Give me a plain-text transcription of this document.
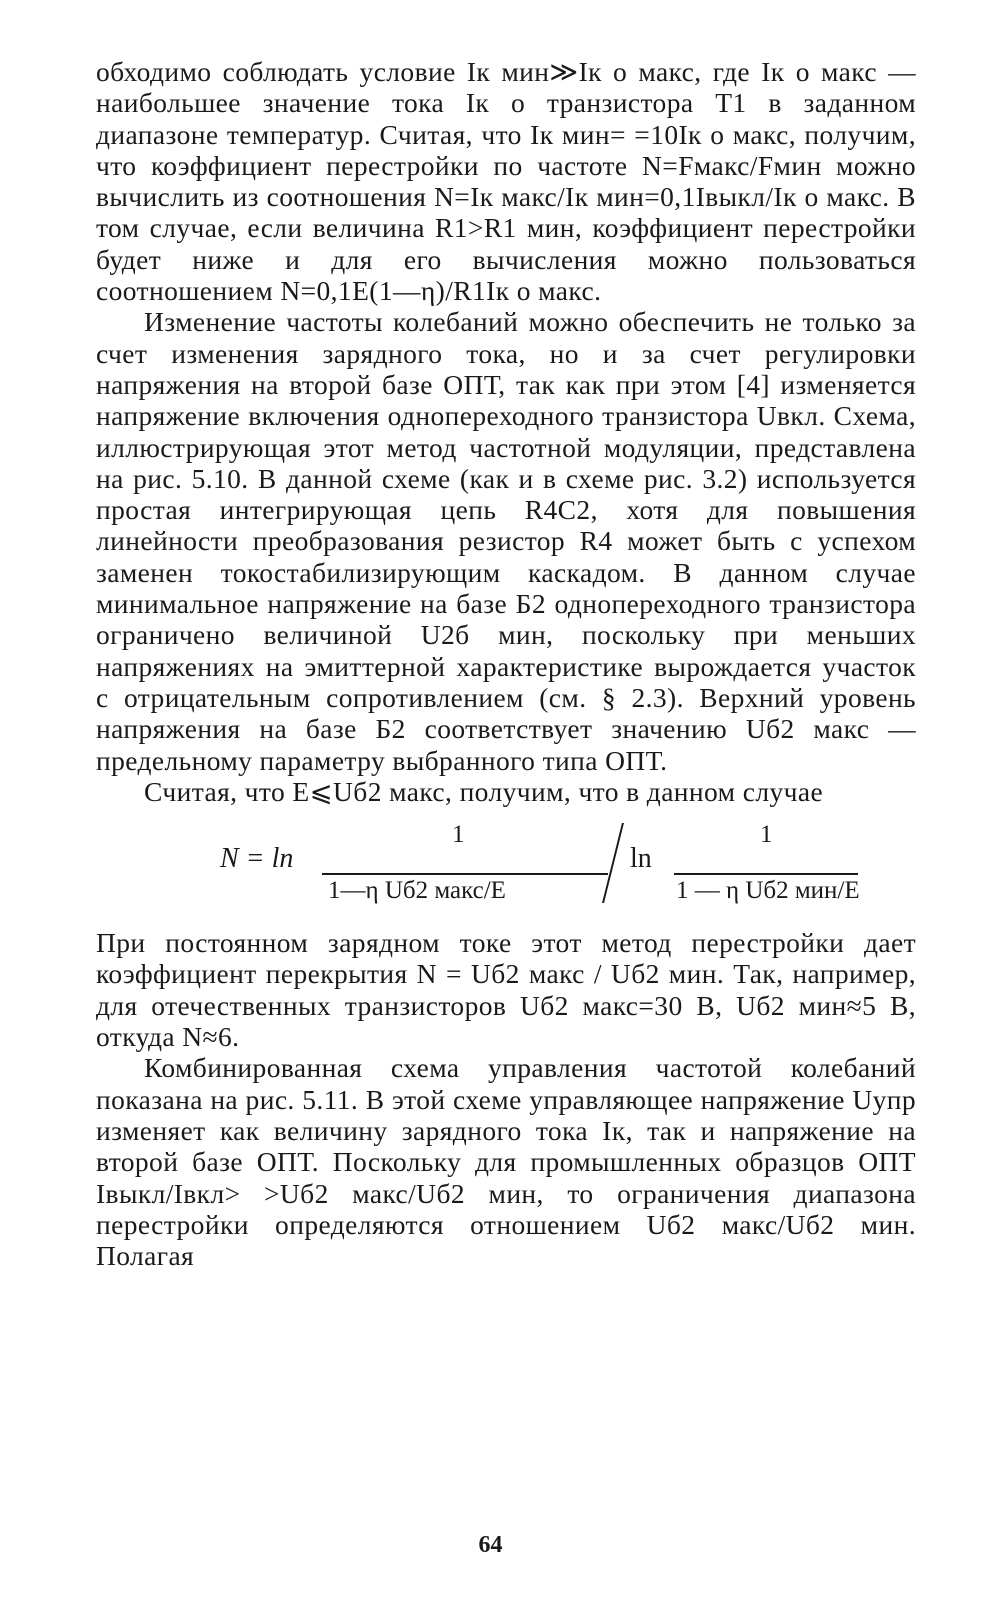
обходимо соблюдать условие Iк мин≫Iк о макс, где Iк о макс — наибольшее значение тока Iк о транзистора T1 в заданном диапазоне температур. Считая, что Iк мин= =10Iк о макс, получим, что коэффициент перестройки по частоте N=Fмакс/Fмин можно вычислить из соотношения N=Iк макс/Iк мин=0,1Iвыкл/Iк о макс. В том случае, если величина R1>R1 мин, коэффициент перестройки будет ниже и для его вычисления можно пользоваться соотношением N=0,1E(1—η)/R1Iк о макс.

Изменение частоты колебаний можно обеспечить не только за счет изменения зарядного тока, но и за счет регулировки напряжения на второй базе ОПТ, так как при этом [4] изменяется напряжение включения однопереходного транзистора Uвкл. Схема, иллюстрирующая этот метод частотной модуляции, представлена на рис. 5.10. В данной схеме (как и в схеме рис. 3.2) используется простая интегрирующая цепь R4C2, хотя для повышения линейности преобразования резистор R4 может быть с успехом заменен токостабилизирующим каскадом. В данном случае минимальное напряжение на базе Б2 однопереходного транзистора ограничено величиной U2б мин, поскольку при меньших напряжениях на эмиттерной характеристике вырождается участок с отрицательным сопротивлением (см. § 2.3). Верхний уровень напряжения на базе Б2 соответствует значению Uб2 макс — предельному параметру выбранного типа ОПТ.

Считая, что E⩽Uб2 макс, получим, что в данном случае

N = ln
1
1—η Uб2 макс/E
ln
1
1 — η Uб2 мин/E

При постоянном зарядном токе этот метод перестройки дает коэффициент перекрытия N = Uб2 макс / Uб2 мин. Так, например, для отечественных транзисторов Uб2 макс=30 В, Uб2 мин≈5 В, откуда N≈6.

Комбинированная схема управления частотой колебаний показана на рис. 5.11. В этой схеме управляющее напряжение Uупр изменяет как величину зарядного тока Iк, так и напряжение на второй базе ОПТ. Поскольку для промышленных образцов ОПТ Iвыкл/Iвкл> >Uб2 макс/Uб2 мин, то ограничения диапазона перестройки определяются отношением Uб2 макс/Uб2 мин. Полагая

64
